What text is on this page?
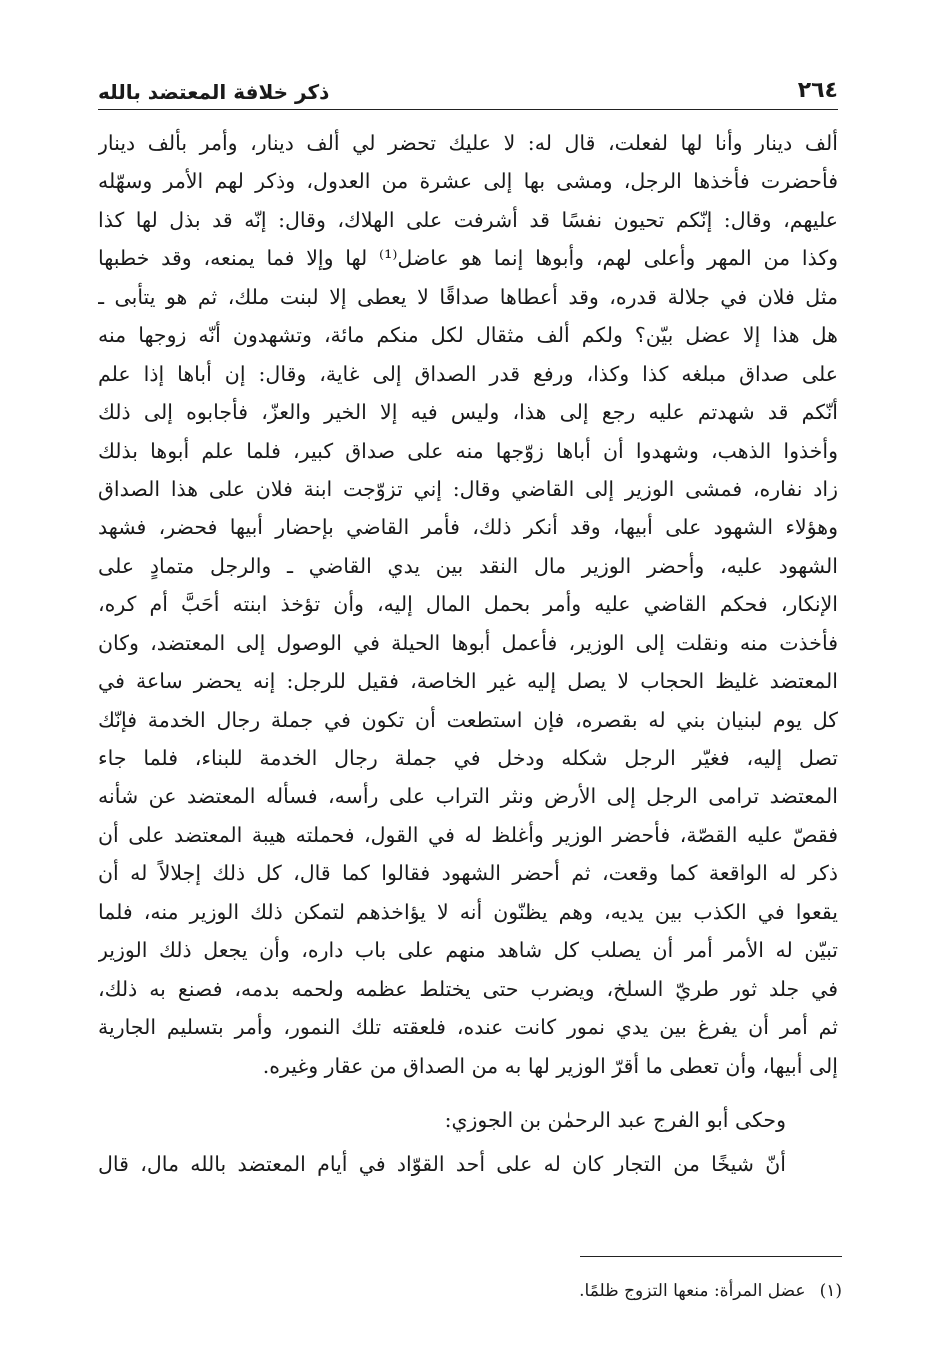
٢٦٤
ذكر خلافة المعتضد بالله
ألف دينار وأنا لها لفعلت، قال له: لا عليك تحضر لي ألف دينار، وأمر بألف دينار
فأحضرت فأخذها الرجل، ومشى بها إلى عشرة من العدول، وذكر لهم الأمر وسهّله
عليهم، وقال: إنّكم تحيون نفسًا قد أشرفت على الهلاك، وقال: إنّه قد بذل لها كذا
وكذا من المهر وأعلى لهم، وأبوها إنما هو عاضل⁽¹⁾ لها وإلا فما يمنعه، وقد خطبها
مثل فلان في جلالة قدره، وقد أعطاها صداقًا لا يعطى إلا لبنت ملك، ثم هو يتأبى ـ
هل هذا إلا عضل بيّن؟ ولكم ألف مثقال لكل منكم مائة، وتشهدون أنّه زوجها منه
على صداق مبلغه كذا وكذا، ورفع قدر الصداق إلى غاية، وقال: إن أباها إذا علم
أنّكم قد شهدتم عليه رجع إلى هذا، وليس فيه إلا الخير والعزّ، فأجابوه إلى ذلك
وأخذوا الذهب، وشهدوا أن أباها زوّجها منه على صداق كبير، فلما علم أبوها بذلك
زاد نفاره، فمشى الوزير إلى القاضي وقال: إني تزوّجت ابنة فلان على هذا الصداق
وهؤلاء الشهود على أبيها، وقد أنكر ذلك، فأمر القاضي بإحضار أبيها فحضر، فشهد
الشهود عليه، وأحضر الوزير مال النقد بين يدي القاضي ـ والرجل متمادٍ على
الإنكار، فحكم القاضي عليه وأمر بحمل المال إليه، وأن تؤخذ ابنته أحَبَّ أم كره،
فأخذت منه ونقلت إلى الوزير، فأعمل أبوها الحيلة في الوصول إلى المعتضد، وكان
المعتضد غليظ الحجاب لا يصل إليه غير الخاصة، فقيل للرجل: إنه يحضر ساعة في
كل يوم لبنيان بني له بقصره، فإن استطعت أن تكون في جملة رجال الخدمة فإنّك
تصل إليه، فغيّر الرجل شكله ودخل في جملة رجال الخدمة للبناء، فلما جاء
المعتضد ترامى الرجل إلى الأرض ونثر التراب على رأسه، فسأله المعتضد عن شأنه
فقصّ عليه القصّة، فأحضر الوزير وأغلظ له في القول، فحملته هيبة المعتضد على أن
ذكر له الواقعة كما وقعت، ثم أحضر الشهود فقالوا كما قال، كل ذلك إجلالاً له أن
يقعوا في الكذب بين يديه، وهم يظنّون أنه لا يؤاخذهم لتمكن ذلك الوزير منه، فلما
تبيّن له الأمر أمر أن يصلب كل شاهد منهم على باب داره، وأن يجعل ذلك الوزير
في جلد ثور طريّ السلخ، ويضرب حتى يختلط عظمه ولحمه بدمه، فصنع به ذلك،
ثم أمر أن يفرغ بين يدي نمور كانت عنده، فلعقته تلك النمور، وأمر بتسليم الجارية
إلى أبيها، وأن تعطى ما أقرّ الوزير لها به من الصداق من عقار وغيره.
وحكى أبو الفرج عبد الرحمٰن بن الجوزي:
أنّ شيخًا من التجار كان له على أحد القوّاد في أيام المعتضد بالله مال، قال
(١)عضل المرأة: منعها التزوج ظلمًا.
